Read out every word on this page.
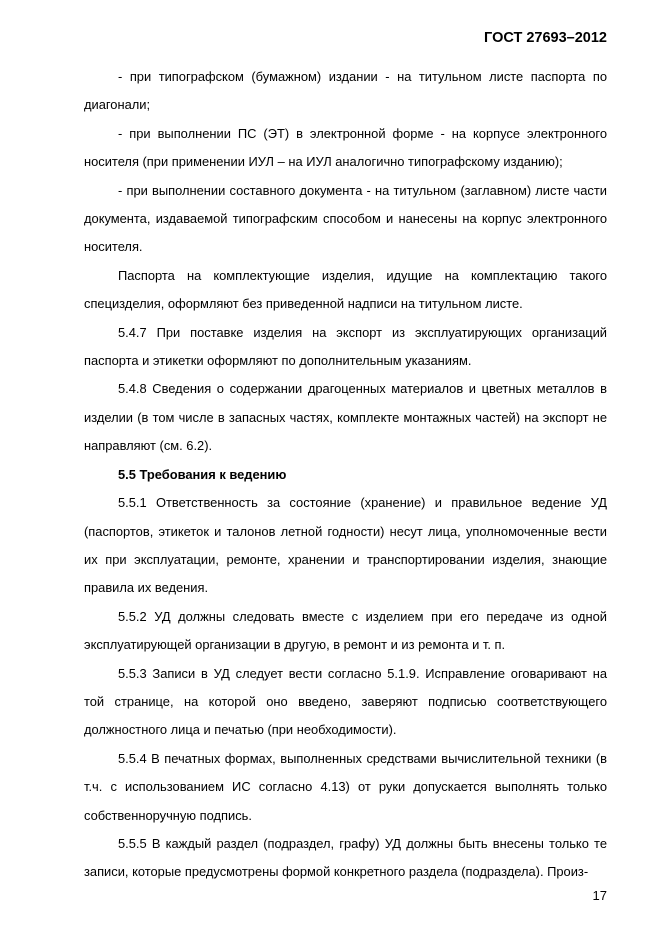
ГОСТ 27693–2012

- при типографском (бумажном) издании - на титульном листе паспорта по диагонали;

- при выполнении ПС (ЭТ) в электронной форме - на корпусе электронного носителя (при применении ИУЛ – на ИУЛ аналогично типографскому изданию);

- при выполнении составного документа - на титульном (заглавном) листе части документа, издаваемой типографским способом и нанесены на корпус электронного носителя.

Паспорта на комплектующие изделия, идущие на комплектацию такого специзделия, оформляют без приведенной надписи на титульном листе.

5.4.7 При поставке изделия на экспорт из эксплуатирующих организаций паспорта и этикетки оформляют по дополнительным указаниям.

5.4.8 Сведения о содержании драгоценных материалов и цветных металлов в изделии (в том числе в запасных частях, комплекте монтажных частей) на экспорт не направляют (см. 6.2).

5.5 Требования к ведению

5.5.1 Ответственность за состояние (хранение) и правильное ведение УД (паспортов, этикеток и талонов летной годности) несут лица, уполномоченные вести их при эксплуатации, ремонте, хранении и транспортировании изделия, знающие правила их ведения.

5.5.2 УД должны следовать вместе с изделием при его передаче из одной эксплуатирующей организации в другую, в ремонт и из ремонта и т. п.

5.5.3 Записи в УД следует вести согласно 5.1.9. Исправление оговаривают на той странице, на которой оно введено, заверяют подписью соответствующего должностного лица и печатью (при необходимости).

5.5.4 В печатных формах, выполненных средствами вычислительной техники (в т.ч. с использованием ИС согласно 4.13) от руки допускается выполнять только собственноручную подпись.

5.5.5 В каждый раздел (подраздел, графу) УД должны быть внесены только те записи, которые предусмотрены формой конкретного раздела (подраздела). Произ-

17
